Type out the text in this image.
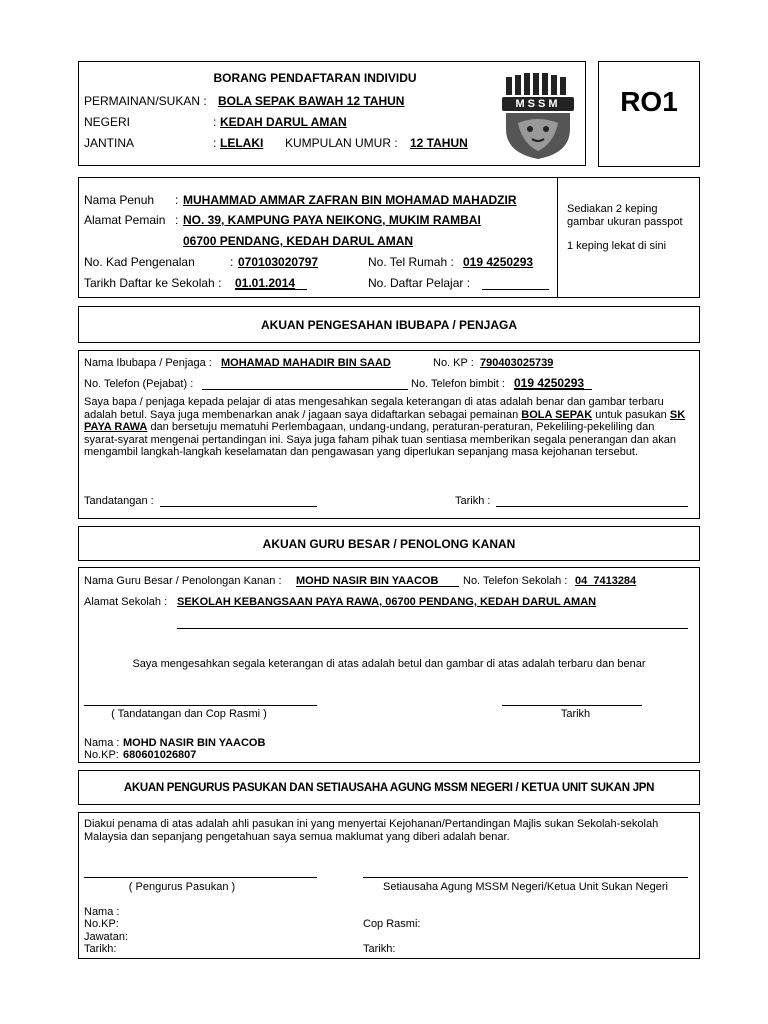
BORANG PENDAFTARAN INDIVIDU
PERMAINAN/SUKAN : BOLA SEPAK BAWAH 12 TAHUN
NEGERI	: KEDAH DARUL AMAN
JANTINA	: LELAKI KUMPULAN UMUR : 12 TAHUN
MSSM	RO1
Nama Penuh : MUHAMMAD AMMAR ZAFRAN BIN MOHAMAD MAHADZIR
Alamat Pemain : NO. 39, KAMPUNG PAYA NEIKONG, MUKIM RAMBAI
06700 PENDANG, KEDAH DARUL AMAN
No. Kad Pengenalan	: 070103020797	No. Tel Rumah : 019 4250293
Tarikh Daftar ke Sekolah : 01.01.2014	No. Daftar Pelajar :
Sediakan 2 keping
gambar ukuran passpot
1 keping lekat di sini
AKUAN PENGESAHAN IBUBAPA / PENJAGA
Nama Ibubapa / Penjaga : MOHAMAD MAHADIR BIN SAAD	No. KP : 790403025739
No. Telefon (Pejabat) :	No. Telefon bimbit : 019 4250293
Saya bapa / penjaga kepada pelajar di atas mengesahkan segala keterangan di atas adalah benar dan gambar terbaru adalah betul. Saya juga membenarkan anak / jagaan saya didaftarkan sebagai pemainan BOLA SEPAK untuk pasukan SK PAYA RAWA dan bersetuju mematuhi Perlembagaan, undang-undang, peraturan-peraturan, Pekeliling-pekeliling dan syarat-syarat mengenai pertandingan ini. Saya juga faham pihak tuan sentiasa memberikan segala penerangan dan akan mengambil langkah-langkah keselamatan dan pengawasan yang diperlukan sepanjang masa kejohanan tersebut.
Tandatangan :	Tarikh :
AKUAN GURU BESAR / PENOLONG KANAN
Nama Guru Besar / Penolongan Kanan : MOHD NASIR BIN YAACOB No. Telefon Sekolah : 04  7413284
Alamat Sekolah : SEKOLAH KEBANGSAAN PAYA RAWA, 06700 PENDANG, KEDAH DARUL AMAN
Saya mengesahkan segala keterangan di atas adalah betul dan gambar di atas adalah terbaru dan benar
( Tandatangan dan Cop Rasmi )	Tarikh
Nama : MOHD NASIR BIN YAACOB
No.KP: 680601026807
AKUAN PENGURUS PASUKAN DAN SETIAUSAHA AGUNG MSSM NEGERI / KETUA UNIT SUKAN JPN
Diakui penama di atas adalah ahli pasukan ini yang menyertai Kejohanan/Pertandingan Majlis sukan Sekolah-sekolah Malaysia dan sepanjang pengetahuan saya semua maklumat yang diberi adalah benar.
( Pengurus Pasukan )	Setiausaha Agung MSSM Negeri/Ketua Unit Sukan Negeri
Nama :
No.KP:
Jawatan:
Tarikh:
Cop Rasmi:
Tarikh:
